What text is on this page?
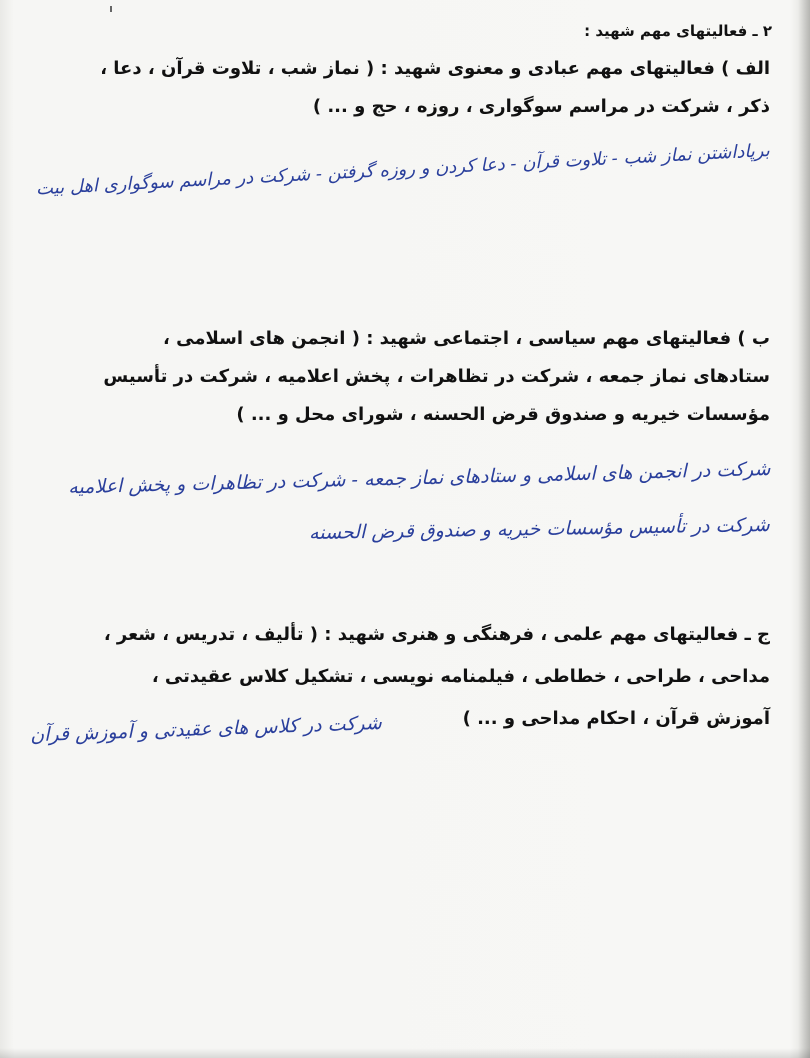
۲ ـ فعالیتهای مهم شهید :
الف ) فعالیتهای مهم عبادی و معنوی شهید : ( نماز شب ، تلاوت قرآن ، دعا ،
ذکر ، شرکت در مراسم سوگواری ، روزه ، حج و ... )
برپاداشتن نماز شب - تلاوت قرآن - دعا کردن و روزه گرفتن - شرکت در مراسم سوگواری اهل بیت
ب ) فعالیتهای مهم سیاسی ، اجتماعی شهید : ( انجمن های اسلامی ،
ستادهای نماز جمعه ، شرکت در تظاهرات ، پخش اعلامیه ، شرکت در تأسیس
مؤسسات خیریه و صندوق قرض الحسنه ، شورای محل و ... )
شرکت در انجمن های اسلامی و ستادهای نماز جمعه - شرکت در تظاهرات و پخش اعلامیه
شرکت در تأسیس مؤسسات خیریه و صندوق قرض الحسنه
ج ـ فعالیتهای مهم علمی ، فرهنگی و هنری شهید : ( تألیف ، تدریس ، شعر ،
مداحی ، طراحی ، خطاطی ، فیلمنامه نویسی ، تشکیل کلاس عقیدتی ،
آموزش قرآن ، احکام مداحی و ... )
شرکت در کلاس های عقیدتی و آموزش قرآن
